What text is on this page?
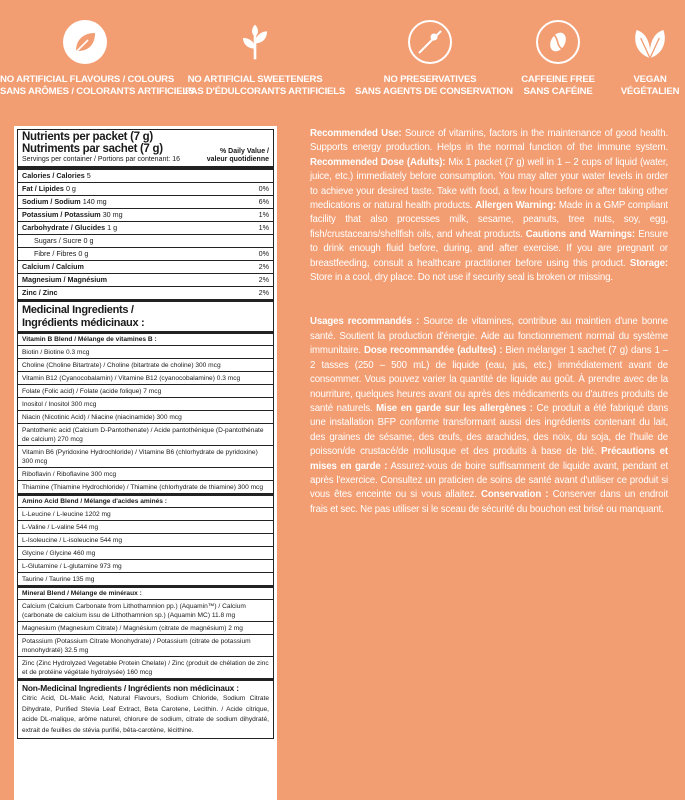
NO ARTIFICIAL FLAVOURS / COLOURS
SANS ARÔMES / COLORANTS ARTIFICIELS
NO ARTIFICIAL SWEETENERS
PAS D'ÉDULCORANTS ARTIFICIELS
NO PRESERVATIVES
SANS AGENTS DE CONSERVATION
CAFFEINE FREE
SANS CAFÉINE
VEGAN
VÉGÉTALIEN
Nutrients per packet (7 g)
Nutriments par sachet (7 g)
Servings per container / Portions par contenant: 16
% Daily Value /
valeur quotidienne
Calories / Calories 5
Fat / Lipides 0 g	0%
Sodium / Sodium 140 mg	6%
Potassium / Potassium 30 mg	1%
Carbohydrate / Glucides 1 g	1%
Sugars / Sucre 0 g
Fibre / Fibres 0 g	0%
Calcium / Calcium	2%
Magnesium / Magnésium	2%
Zinc / Zinc	2%
Medicinal Ingredients /
Ingrédients médicinaux :
Vitamin B Blend / Mélange de vitamines B :
Biotin / Biotine 0.3 mcg
Choline (Choline Bitartrate) / Choline (bitartrate de choline) 300 mcg
Vitamin B12 (Cyanocobalamin) / Vitamine B12 (cyanocobalamine) 0.3 mcg
Folate (Folic acid) / Folate (acide folique) 7 mcg
Inositol / Inositol 300 mcg
Niacin (Nicotinic Acid) / Niacine (niacinamide) 300 mcg
Pantothenic acid (Calcium D-Pantothenate) / Acide pantothénique (D-pantothénate de calcium) 270 mcg
Vitamin B6 (Pyridoxine Hydrochloride) / Vitamine B6 (chlorhydrate de pyridoxine) 300 mcg
Riboflavin / Riboflavine 300 mcg
Thiamine (Thiamine Hydrochloride) / Thiamine (chlorhydrate de thiamine) 300 mcg
Amino Acid Blend / Mélange d'acides aminés :
L-Leucine / L-leucine 1202 mg
L-Valine / L-valine 544 mg
L-Isoleucine / L-isoleucine 544 mg
Glycine / Glycine 460 mg
L-Glutamine / L-glutamine 973 mg
Taurine / Taurine 135 mg
Mineral Blend / Mélange de minéraux :
Calcium (Calcium Carbonate from Lithothamnion pp.) (Aquamin™) / Calcium (carbonate de calcium issu de Lithothamnion sp.) (Aquamin MC) 11.8 mg
Magnesium (Magnesium Citrate) / Magnésium (citrate de magnésium) 2 mg
Potassium (Potassium Citrate Monohydrate) / Potassium (citrate de potassium monohydraté) 32.5 mg
Zinc (Zinc Hydrolyzed Vegetable Protein Chelate) / Zinc (produit de chélation de zinc et de protéine végétale hydrolysée) 160 mcg
Non-Medicinal Ingredients / Ingrédients non médicinaux :
Citric Acid, DL-Malic Acid, Natural Flavours, Sodium Chloride, Sodium Citrate Dihydrate, Purified Stevia Leaf Extract, Beta Carotene, Lecithin. / Acide citrique, acide DL-malique, arôme naturel, chlorure de sodium, citrate de sodium dihydraté, extrait de feuilles de stévia purifié, bêta-carotène, lécithine.

Recommended Use: Source of vitamins, factors in the maintenance of good health. Supports energy production. Helps in the normal function of the immune system. Recommended Dose (Adults): Mix 1 packet (7 g) well in 1 – 2 cups of liquid (water, juice, etc.) immediately before consumption. You may alter your water levels in order to achieve your desired taste. Take with food, a few hours before or after taking other medications or natural health products. Allergen Warning: Made in a GMP compliant facility that also processes milk, sesame, peanuts, tree nuts, soy, egg, fish/crustaceans/shellfish oils, and wheat products. Cautions and Warnings: Ensure to drink enough fluid before, during, and after exercise. If you are pregnant or breastfeeding, consult a healthcare practitioner before using this product. Storage: Store in a cool, dry place. Do not use if security seal is broken or missing.

Usages recommandés : Source de vitamines, contribue au maintien d'une bonne santé. Soutient la production d'énergie. Aide au fonctionnement normal du système immunitaire. Dose recommandée (adultes) : Bien mélanger 1 sachet (7 g) dans 1 – 2 tasses (250 – 500 mL) de liquide (eau, jus, etc.) immédiatement avant de consommer. Vous pouvez varier la quantité de liquide au goût. À prendre avec de la nourriture, quelques heures avant ou après des médicaments ou d'autres produits de santé naturels. Mise en garde sur les allergènes : Ce produit a été fabriqué dans une installation BFP conforme transformant aussi des ingrédients contenant du lait, des graines de sésame, des œufs, des arachides, des noix, du soja, de l'huile de poisson/de crustacé/de mollusque et des produits à base de blé. Précautions et mises en garde : Assurez-vous de boire suffisamment de liquide avant, pendant et après l'exercice. Consultez un praticien de soins de santé avant d'utiliser ce produit si vous êtes enceinte ou si vous allaitez. Conservation : Conserver dans un endroit frais et sec. Ne pas utiliser si le sceau de sécurité du bouchon est brisé ou manquant.
